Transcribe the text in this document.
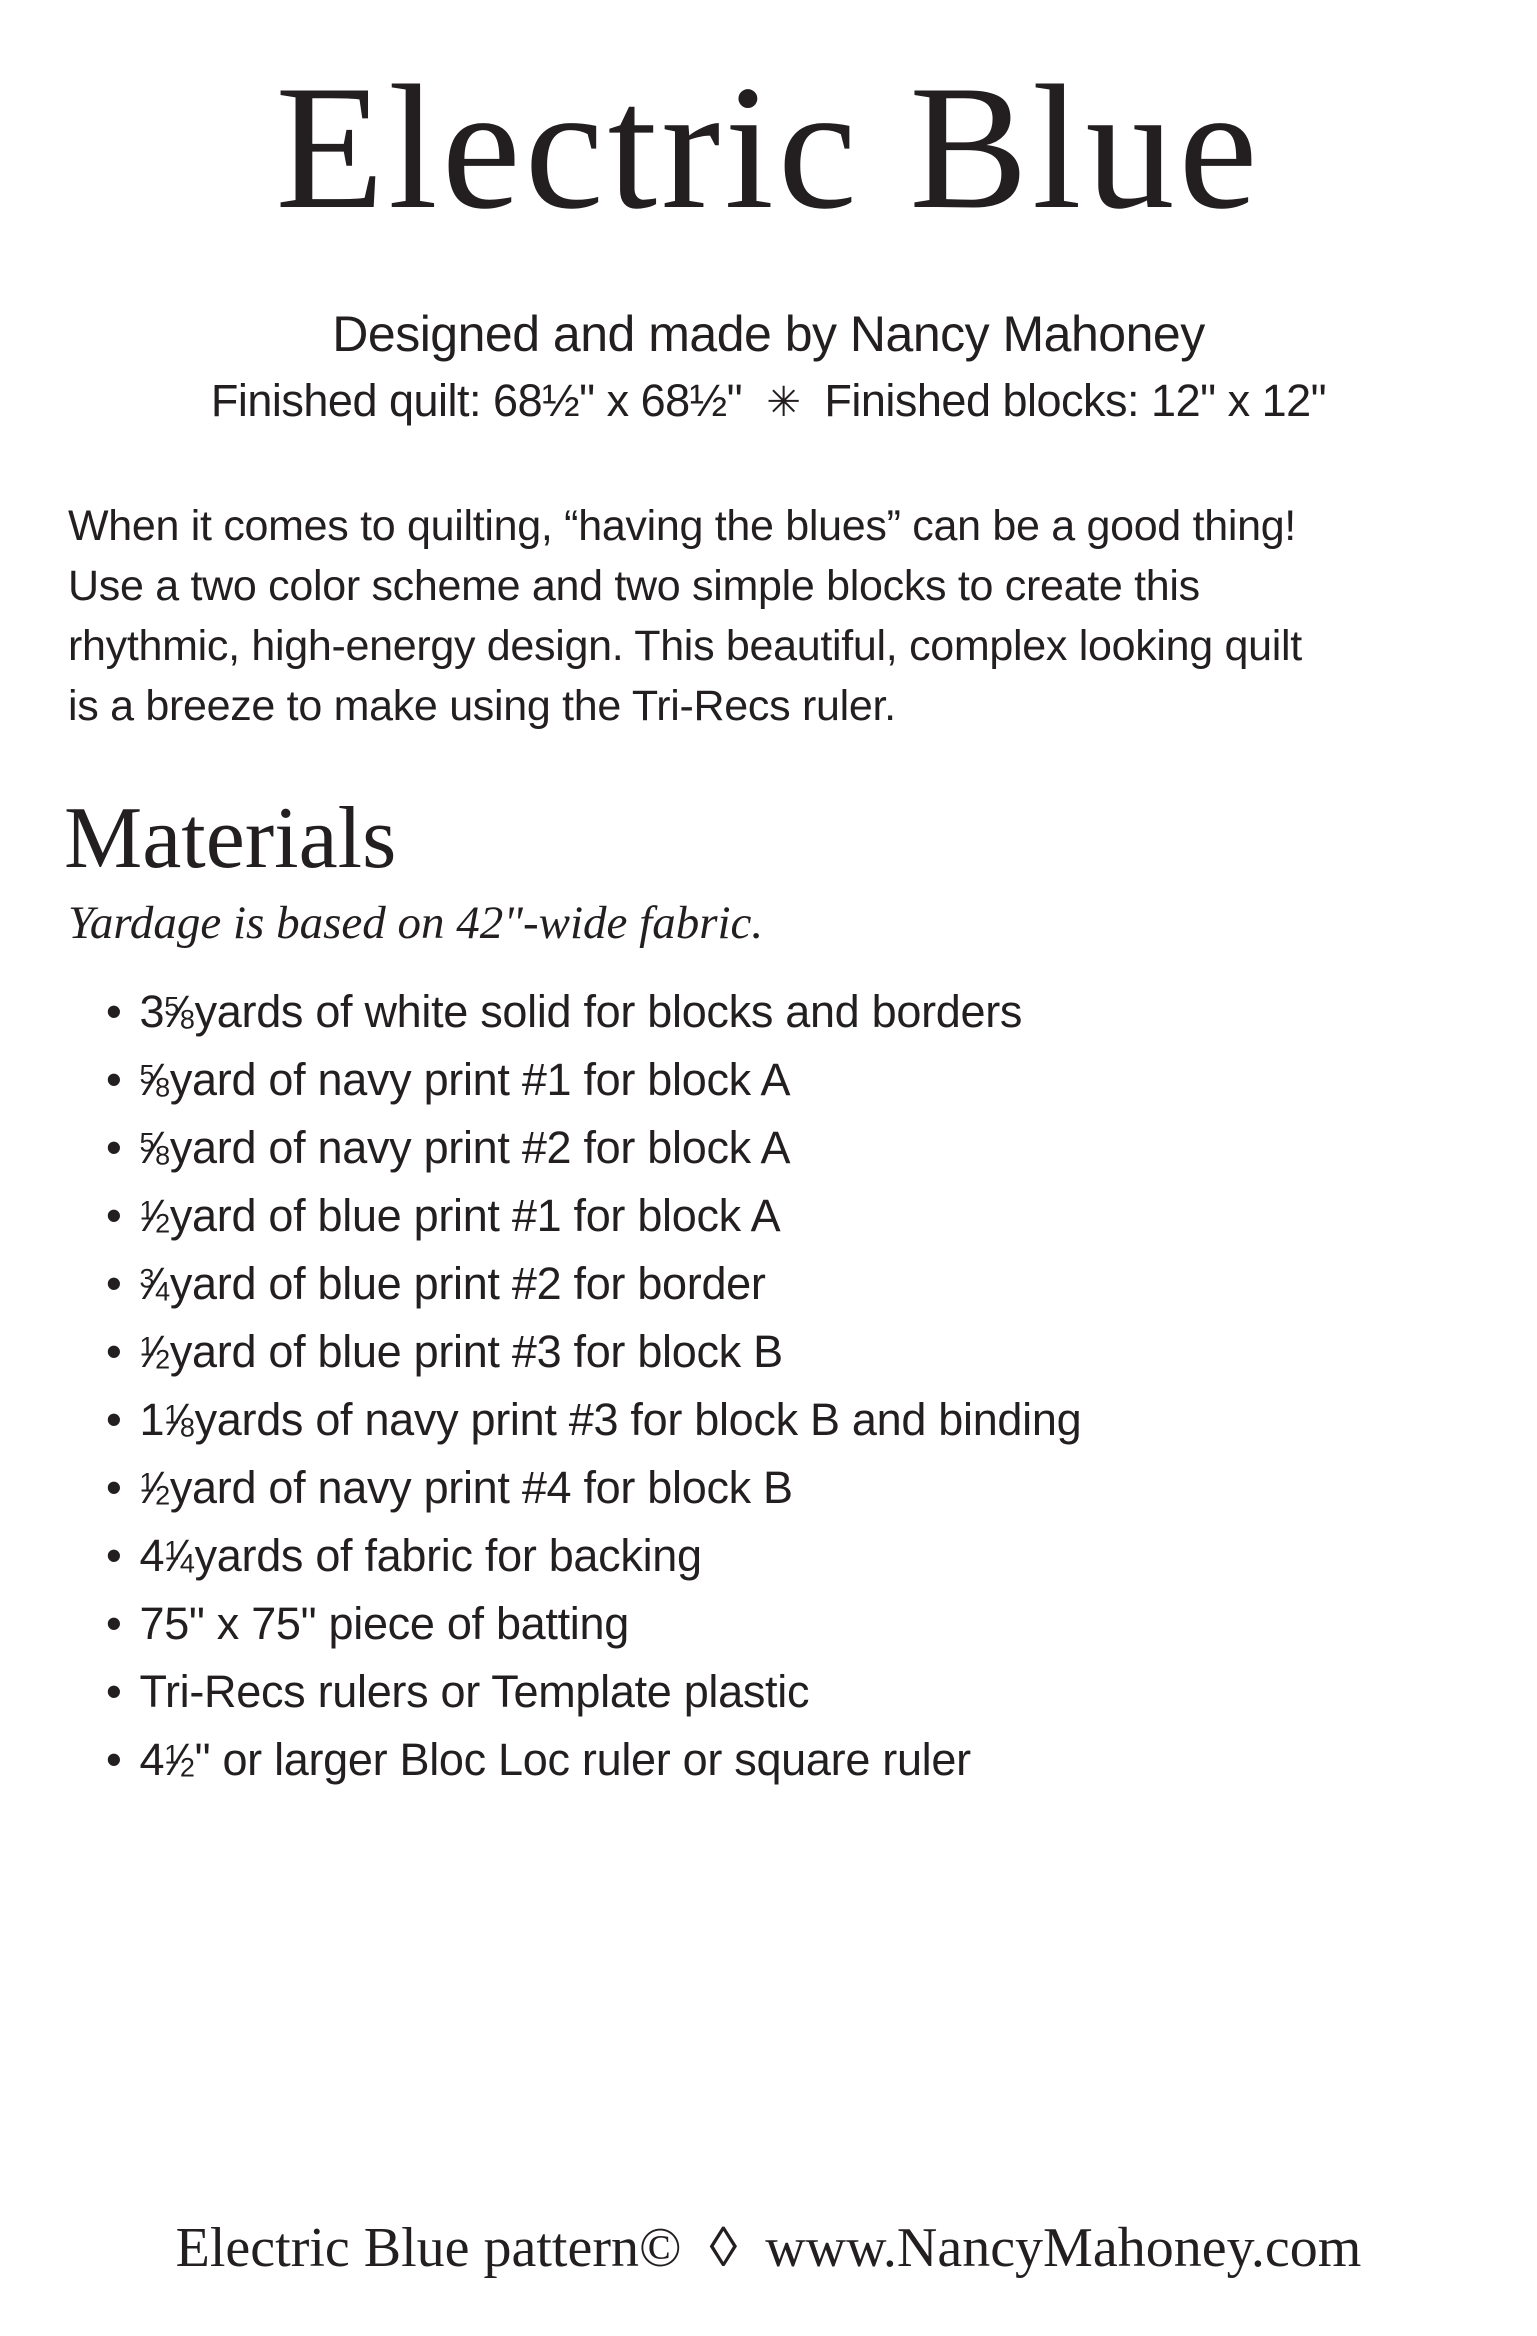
Electric Blue
Designed and made by Nancy Mahoney
Finished quilt: 68½" x 68½" ✳ Finished blocks: 12" x 12"
When it comes to quilting, “having the blues” can be a good thing!
Use a two color scheme and two simple blocks to create this
rhythmic, high-energy design. This beautiful, complex looking quilt
is a breeze to make using the Tri-Recs ruler.
Materials
Yardage is based on 42"-wide fabric.
• 3 $^5⁄_8$ yards of white solid for blocks and borders
• $^5⁄_8$ yard of navy print #1 for block A
• $^5⁄_8$ yard of navy print #2 for block A
• $^1⁄_2$ yard of blue print #1 for block A
• $^3⁄_4$ yard of blue print #2 for border
• $^1⁄_2$ yard of blue print #3 for block B
• 1 $^1⁄_8$ yards of navy print #3 for block B and binding
• $^1⁄_2$ yard of navy print #4 for block B
• 4 $^1⁄_4$ yards of fabric for backing
• 75" x 75" piece of batting
• Tri-Recs rulers or Template plastic
• 4 $^1⁄_2$ " or larger Bloc Loc ruler or square ruler
Electric Blue pattern© ◊ www.NancyMahoney.com
